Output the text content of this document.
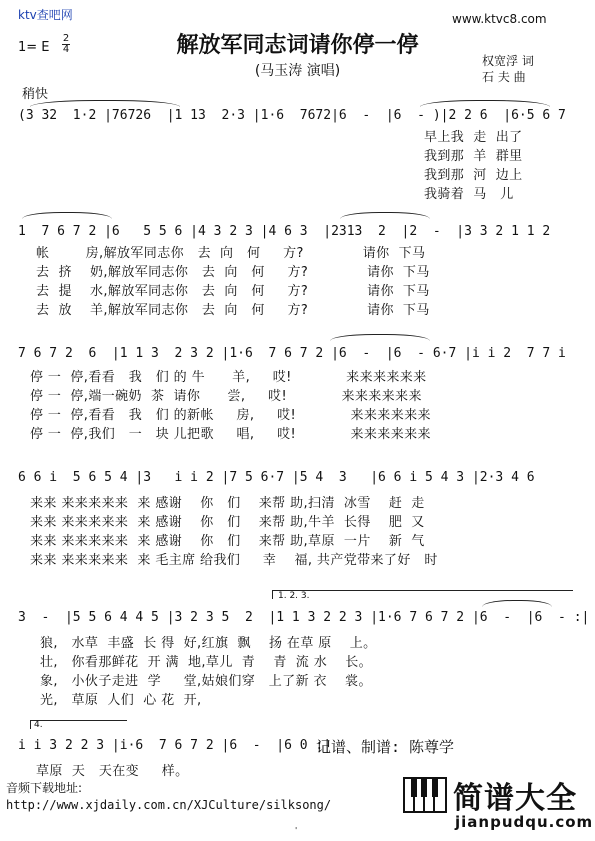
ktv查吧网	www.ktvc8.com
解放军同志词请你停一停
(马玉涛 演唱)
1= E
2
4
权宽浮 词
石 夫 曲
稍快
(3 32  1·2 |76726  |1 13  2·3 |1·6  7672|6  -  |6  - )|2 2 6  |6·5 6 7
早上我  走  出了
我到那  羊  群里
我到那  河  边上
我骑着  马   儿
1  7 6 7 2 |6   5 5 6 |4 3 2 3 |4 6 3  |2313  2  |2  -  |3 3 2 1 1 2
帐        房,解放军同志你   去  向   何     方?             请你  下马
去  挤    奶,解放军同志你   去  向   何     方?             请你  下马
去  提    水,解放军同志你   去  向   何     方?             请你  下马
去  放    羊,解放军同志你   去  向   何     方?             请你  下马
7 6 7 2  6  |1 1 3  2 3 2 |1·6  7 6 7 2 |6  -  |6  - 6·7 |i i 2  7 7 i
停 一  停,看看   我   们 的 牛      羊,     哎!            来来来来来来
停 一  停,端一碗奶  茶  请你      尝,     哎!            来来来来来来
停 一  停,看看   我   们 的新帐     房,     哎!            来来来来来来
停 一  停,我们   一   块 儿把歌     唱,     哎!            来来来来来来
6 6 i  5 6 5 4 |3   i i 2 |7 5 6·7 |5 4  3   |6 6 i 5 4 3 |2·3 4 6
来来 来来来来来  来 感谢    你   们    来帮 助,扫清  冰雪    赶  走
来来 来来来来来  来 感谢    你   们    来帮 助,牛羊  长得    肥  又
来来 来来来来来  来 感谢    你   们    来帮 助,草原  一片    新  气
来来 来来来来来  来 毛主席 给我们     幸    福, 共产党带来了好   时
1. 2. 3.
3  -  |5 5 6 4 4 5 |3 2 3 5  2  |1 1 3 2 2 3 |1·6 7 6 7 2 |6  -  |6  - :|
狼,   水草  丰盛  长 得  好,红旗  飘    扬 在草 原    上。
壮,   你看那鲜花  开 满  地,草儿  青    青  流 水    长。
象,   小伙子走进  学     堂,姑娘们穿   上了新 衣    裳。
光,   草原  人们  心 花  开,
4.
i i 3 2 2 3 |i·6  7 6 7 2 |6  -  |6 0 :|
草原  天   天在变     样。
记谱、制谱: 陈尊学
音频下载地址:
http://www.xjdaily.com.cn/XJCulture/silksong/	简谱大全
jianpudqu.com
'
